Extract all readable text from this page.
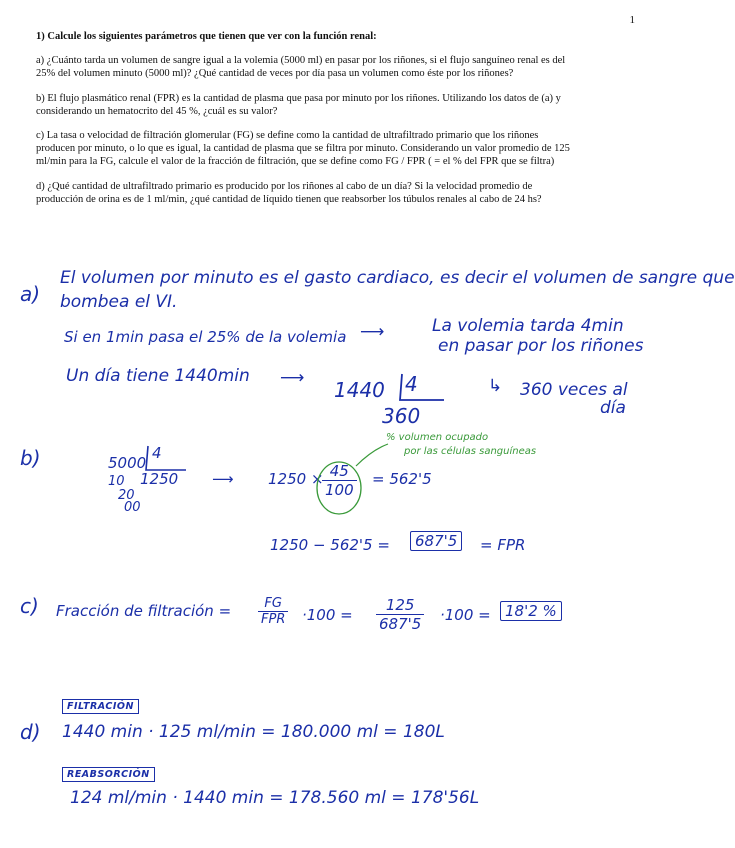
1

1) Calcule los siguientes parámetros que tienen que ver con la función renal:

a) ¿Cuánto tarda un volumen de sangre igual a la volemia (5000 ml) en pasar por los riñones, si el flujo sanguíneo renal es del 25% del volumen minuto (5000 ml)? ¿Qué cantidad de veces por día pasa un volumen como éste por los riñones?

b) El flujo plasmático renal (FPR) es la cantidad de plasma que pasa por minuto por los riñones. Utilizando los datos de (a) y considerando un hematocrito del 45 %, ¿cuál es su valor?

c) La tasa o velocidad de filtración glomerular (FG) se define como la cantidad de ultrafiltrado primario que los riñones producen por minuto, o lo que es igual, la cantidad de plasma que se filtra por minuto. Considerando un valor promedio de 125 ml/min para la FG, calcule el valor de la fracción de filtración, que se define como FG / FPR ( = el % del FPR que se filtra)

d) ¿Qué cantidad de ultrafiltrado primario es producido por los riñones al cabo de un día? Si la velocidad promedio de producción de orina es de 1 ml/min, ¿qué cantidad de líquido tienen que reabsorber los túbulos renales al cabo de 24 hs?

a)
El volumen por minuto es el gasto cardiaco, es decir el volumen de sangre que
bombea el VI.
Si en 1min pasa el 25% de la volemia ⟶	La volemia tarda 4min
en pasar por los riñones
Un día tiene 1440min ⟶ 1440 4
360
↳ 360 veces al
día
b)	5000
4
10
20
00
1250 ⟶ 1250 ×
$\frac{45}{100} = 562'5$
% volumen ocupado
por las células sanguíneas
1250 − 562'5 =	687'5	= FPR
c) Fracción de filtración = $\frac{FG}{\text{FPR}} \cdot 100 = \frac{125}{687'5} \cdot 100 = 18'2$ %
FILTRACIÓN
d) 1440 min · 125 ml/min = 180.000 ml = 180L
REABSORCIÓN
124 ml/min · 1440 min = 178.560 ml = 178'56L
